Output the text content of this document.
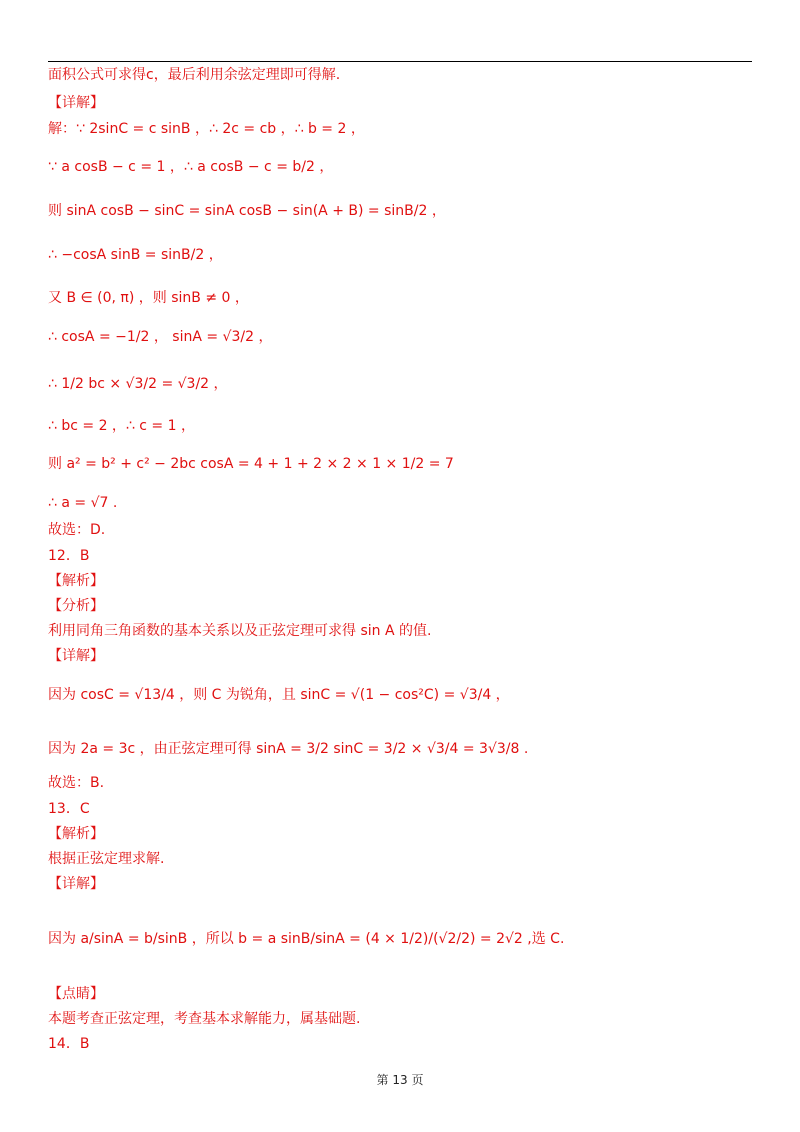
面积公式可求得c，最后利用余弦定理即可得解.
【详解】
解：∵ 2sinC = c sinB ，∴ 2c = cb ，∴ b = 2 ，
∵ a cosB − c = 1 ，∴ a cosB − c = b/2 ，
则 sinA cosB − sinC = sinA cosB − sin(A + B) = sinB/2 ，
∴ −cosA sinB = sinB/2 ，
又 B ∈ (0, π) ，则 sinB ≠ 0 ，
∴ cosA = −1/2 ， sinA = √3/2 ，
∴ 1/2 bc × √3/2 = √3/2 ，
∴ bc = 2 ，∴ c = 1 ，
则 a² = b² + c² − 2bc cosA = 4 + 1 + 2 × 2 × 1 × 1/2 = 7
∴ a = √7 .
故选：D.
12．B
【解析】
【分析】
利用同角三角函数的基本关系以及正弦定理可求得 sin A 的值.
【详解】
因为 cosC = √13/4 ，则 C 为锐角，且 sinC = √(1 − cos²C) = √3/4 ，
因为 2a = 3c ，由正弦定理可得 sinA = 3/2 sinC = 3/2 × √3/4 = 3√3/8 .
故选：B.
13．C
【解析】
根据正弦定理求解.
【详解】
因为 a/sinA = b/sinB ，所以 b = a sinB/sinA = (4 × 1/2)/(√2/2) = 2√2 ,选 C.
【点睛】
本题考查正弦定理，考查基本求解能力，属基础题.
14．B
第 13 页
